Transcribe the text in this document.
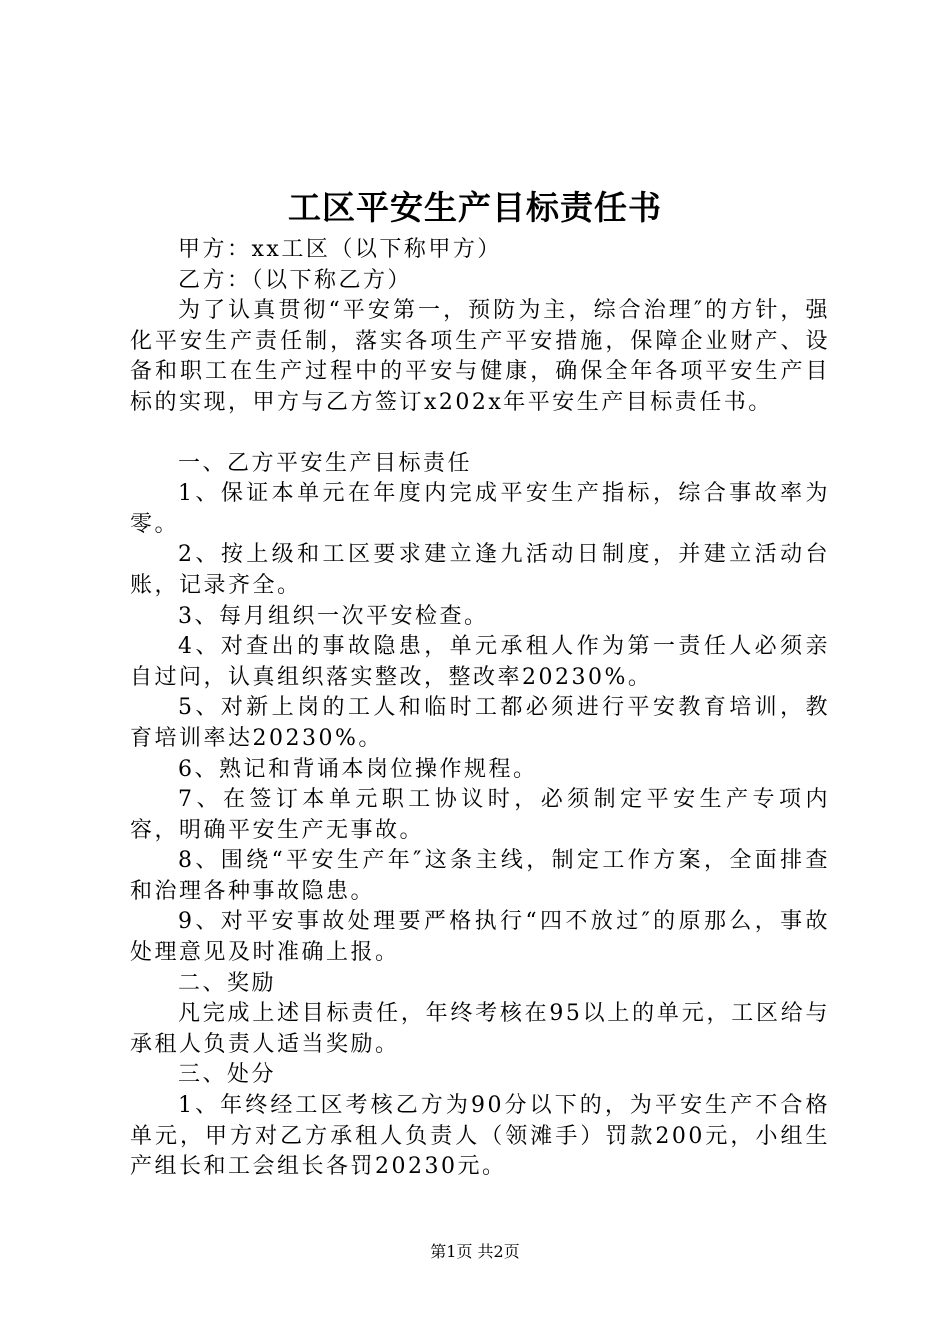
工区平安生产目标责任书

甲方：xx工区（以下称甲方）

乙方：（以下称乙方）

为了认真贯彻“平安第一，预防为主，综合治理″的方针，强化平安生产责任制，落实各项生产平安措施，保障企业财产、设备和职工在生产过程中的平安与健康，确保全年各项平安生产目标的实现，甲方与乙方签订x202x年平安生产目标责任书。

一、乙方平安生产目标责任

1、保证本单元在年度内完成平安生产指标，综合事故率为零。

2、按上级和工区要求建立逢九活动日制度，并建立活动台账，记录齐全。

3、每月组织一次平安检查。

4、对查出的事故隐患，单元承租人作为第一责任人必须亲自过问，认真组织落实整改，整改率20230%。

5、对新上岗的工人和临时工都必须进行平安教育培训，教育培训率达20230%。

6、熟记和背诵本岗位操作规程。

7、在签订本单元职工协议时，必须制定平安生产专项内容，明确平安生产无事故。

8、围绕“平安生产年″这条主线，制定工作方案，全面排查和治理各种事故隐患。

9、对平安事故处理要严格执行“四不放过″的原那么，事故处理意见及时准确上报。

二、奖励

凡完成上述目标责任，年终考核在95以上的单元，工区给与承租人负责人适当奖励。

三、处分

1、年终经工区考核乙方为90分以下的，为平安生产不合格单元，甲方对乙方承租人负责人（领滩手）罚款200元，小组生产组长和工会组长各罚20230元。

第1页 共2页
